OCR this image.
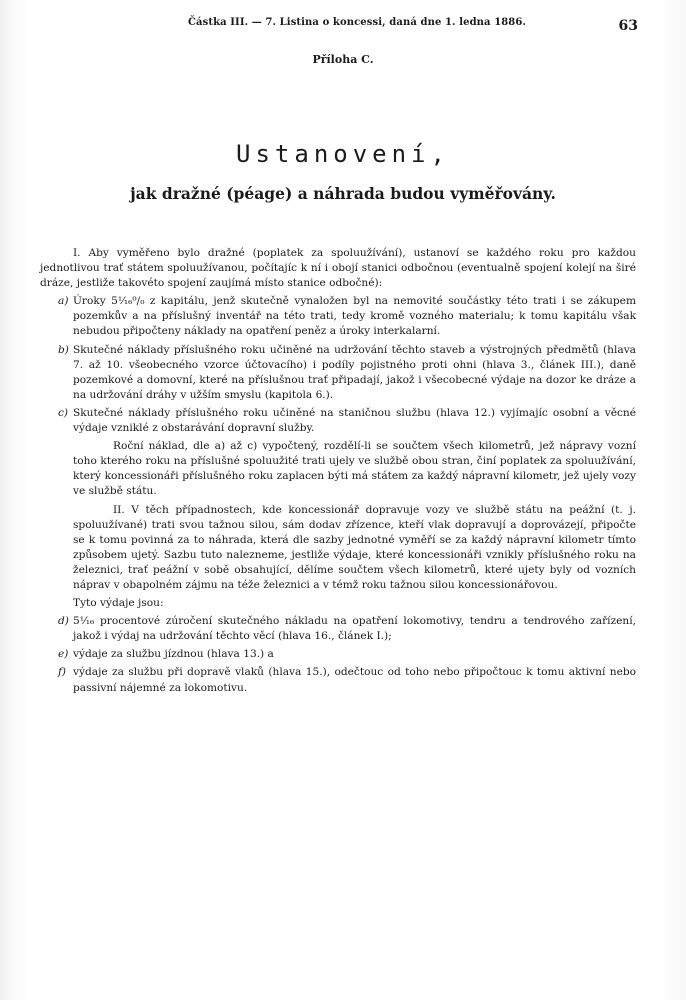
Částka III. — 7. Listina o koncessi, daná dne 1. ledna 1886.	63
Příloha C.
Ustanovení,
jak dražné (péage) a náhrada budou vyměřovány.

I. Aby vyměřeno bylo dražné (poplatek za spoluužívání), ustanoví se každého roku pro každou jednotlivou trať státem spoluužívanou, počítajíc k ní i obojí stanici odbočnou (eventualně spojení kolejí na širé dráze, jestliže takovéto spojení zaujímá místo stanice odbočné):

a) Úroky 5¹⁄₁₆⁰/₀ z kapitálu, jenž skutečně vynaložen byl na nemovité součástky této trati i se zákupem pozemkův a na příslušný inventář na této trati, tedy kromě vozného materialu; k tomu kapitálu však nebudou připočteny náklady na opatření peněz a úroky interkalarní.
b) Skutečné náklady příslušného roku učiněné na udržování těchto staveb a výstrojných předmětů (hlava 7. až 10. všeobecného vzorce účtovacího) i podíly pojistného proti ohni (hlava 3., článek III.), daně pozemkové a domovní, které na příslušnou trať připadají, jakož i všecobecné výdaje na dozor ke dráze a na udržování dráhy v užším smyslu (kapitola 6.).
c) Skutečné náklady příslušného roku učiněné na staničnou službu (hlava 12.) vyjímajíc osobní a věcné výdaje vzniklé z obstarávání dopravní služby.

Roční náklad, dle a) až c) vypočtený, rozdělí-li se součtem všech kilometrů, jež nápravy vozní toho kterého roku na příslušné spoluužité trati ujely ve službě obou stran, činí poplatek za spoluužívání, který koncessionáři příslušného roku zaplacen býti má státem za každý nápravní kilometr, jež ujely vozy ve službě státu.

II. V těch případnostech, kde koncessionář dopravuje vozy ve službě státu na peážní (t. j. spoluužívané) trati svou tažnou silou, sám dodav zřízence, kteří vlak dopravují a doprovázejí, připočte se k tomu povinná za to náhrada, která dle sazby jednotné vyměří se za každý nápravní kilometr tímto způsobem ujetý. Sazbu tuto nalezneme, jestliže výdaje, které koncessionáři vznikly příslušného roku na železnici, trať peážní v sobě obsahující, dělíme součtem všech kilometrů, které ujety byly od vozních náprav v obapolném zájmu na téže železnici a v témž roku tažnou silou koncessionářovou.

Tyto výdaje jsou:

d) 5¹⁄₁₆ procentové zúročení skutečného nákladu na opatření lokomotivy, tendru a tendrového zařízení, jakož i výdaj na udržování těchto věcí (hlava 16., článek I.);
e) výdaje za službu jízdnou (hlava 13.) a
f) výdaje za službu při dopravě vlaků (hlava 15.), odečtouc od toho nebo připočtouc k tomu aktivní nebo passivní nájemné za lokomotivu.
